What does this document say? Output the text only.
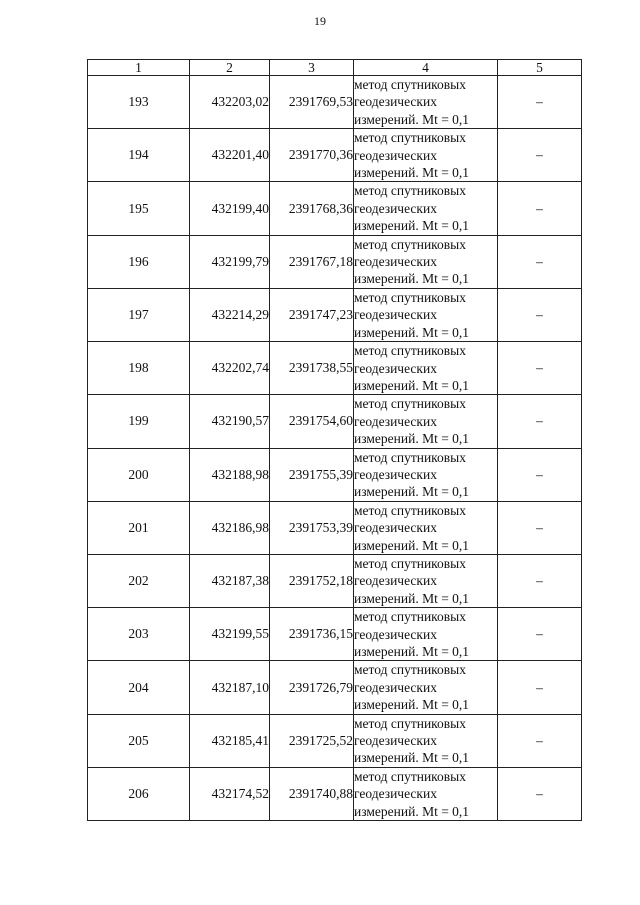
19
1	2	3	4	5
193	432203,02	2391769,53	метод спутниковых
геодезических
измерений. Mt = 0,1	–
194	432201,40	2391770,36	метод спутниковых
геодезических
измерений. Mt = 0,1	–
195	432199,40	2391768,36	метод спутниковых
геодезических
измерений. Mt = 0,1	–
196	432199,79	2391767,18	метод спутниковых
геодезических
измерений. Mt = 0,1	–
197	432214,29	2391747,23	метод спутниковых
геодезических
измерений. Mt = 0,1	–
198	432202,74	2391738,55	метод спутниковых
геодезических
измерений. Mt = 0,1	–
199	432190,57	2391754,60	метод спутниковых
геодезических
измерений. Mt = 0,1	–
200	432188,98	2391755,39	метод спутниковых
геодезических
измерений. Mt = 0,1	–
201	432186,98	2391753,39	метод спутниковых
геодезических
измерений. Mt = 0,1	–
202	432187,38	2391752,18	метод спутниковых
геодезических
измерений. Mt = 0,1	–
203	432199,55	2391736,15	метод спутниковых
геодезических
измерений. Mt = 0,1	–
204	432187,10	2391726,79	метод спутниковых
геодезических
измерений. Mt = 0,1	–
205	432185,41	2391725,52	метод спутниковых
геодезических
измерений. Mt = 0,1	–
206	432174,52	2391740,88	метод спутниковых
геодезических
измерений. Mt = 0,1	–
